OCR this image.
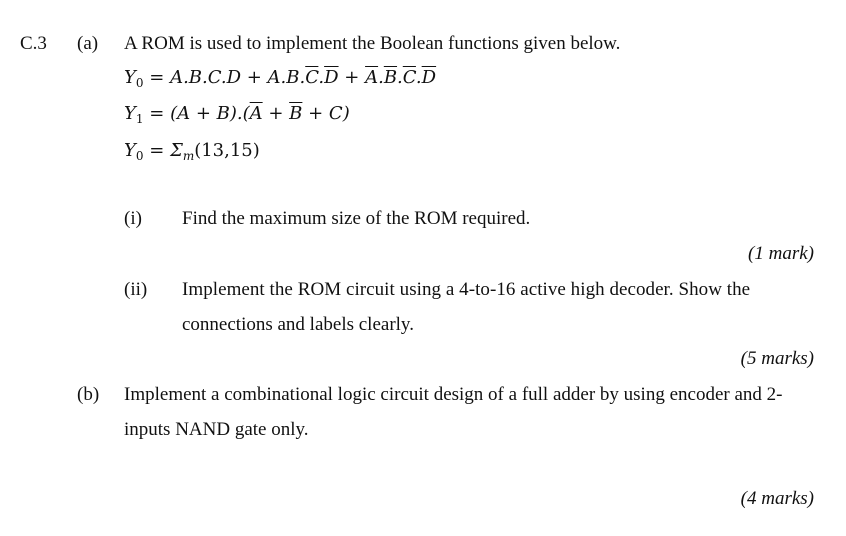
C.3 (a) A ROM is used to implement the Boolean functions given below.
$Y_0 = A.B.C.D + A.B.\overline{C}.\overline{D} + \overline{A}.\overline{B}.\overline{C}.\overline{D}$
$Y_1 = (A + B).(\overline{A} + \overline{B} + C)$
$Y_0 = \Sigma_m(13,15)$
(i) Find the maximum size of the ROM required.
(1 mark)
(ii) Implement the ROM circuit using a 4-to-16 active high decoder. Show the
connections and labels clearly.
(5 marks)
(b) Implement a combinational logic circuit design of a full adder by using encoder and 2-
inputs NAND gate only.
(4 marks)
